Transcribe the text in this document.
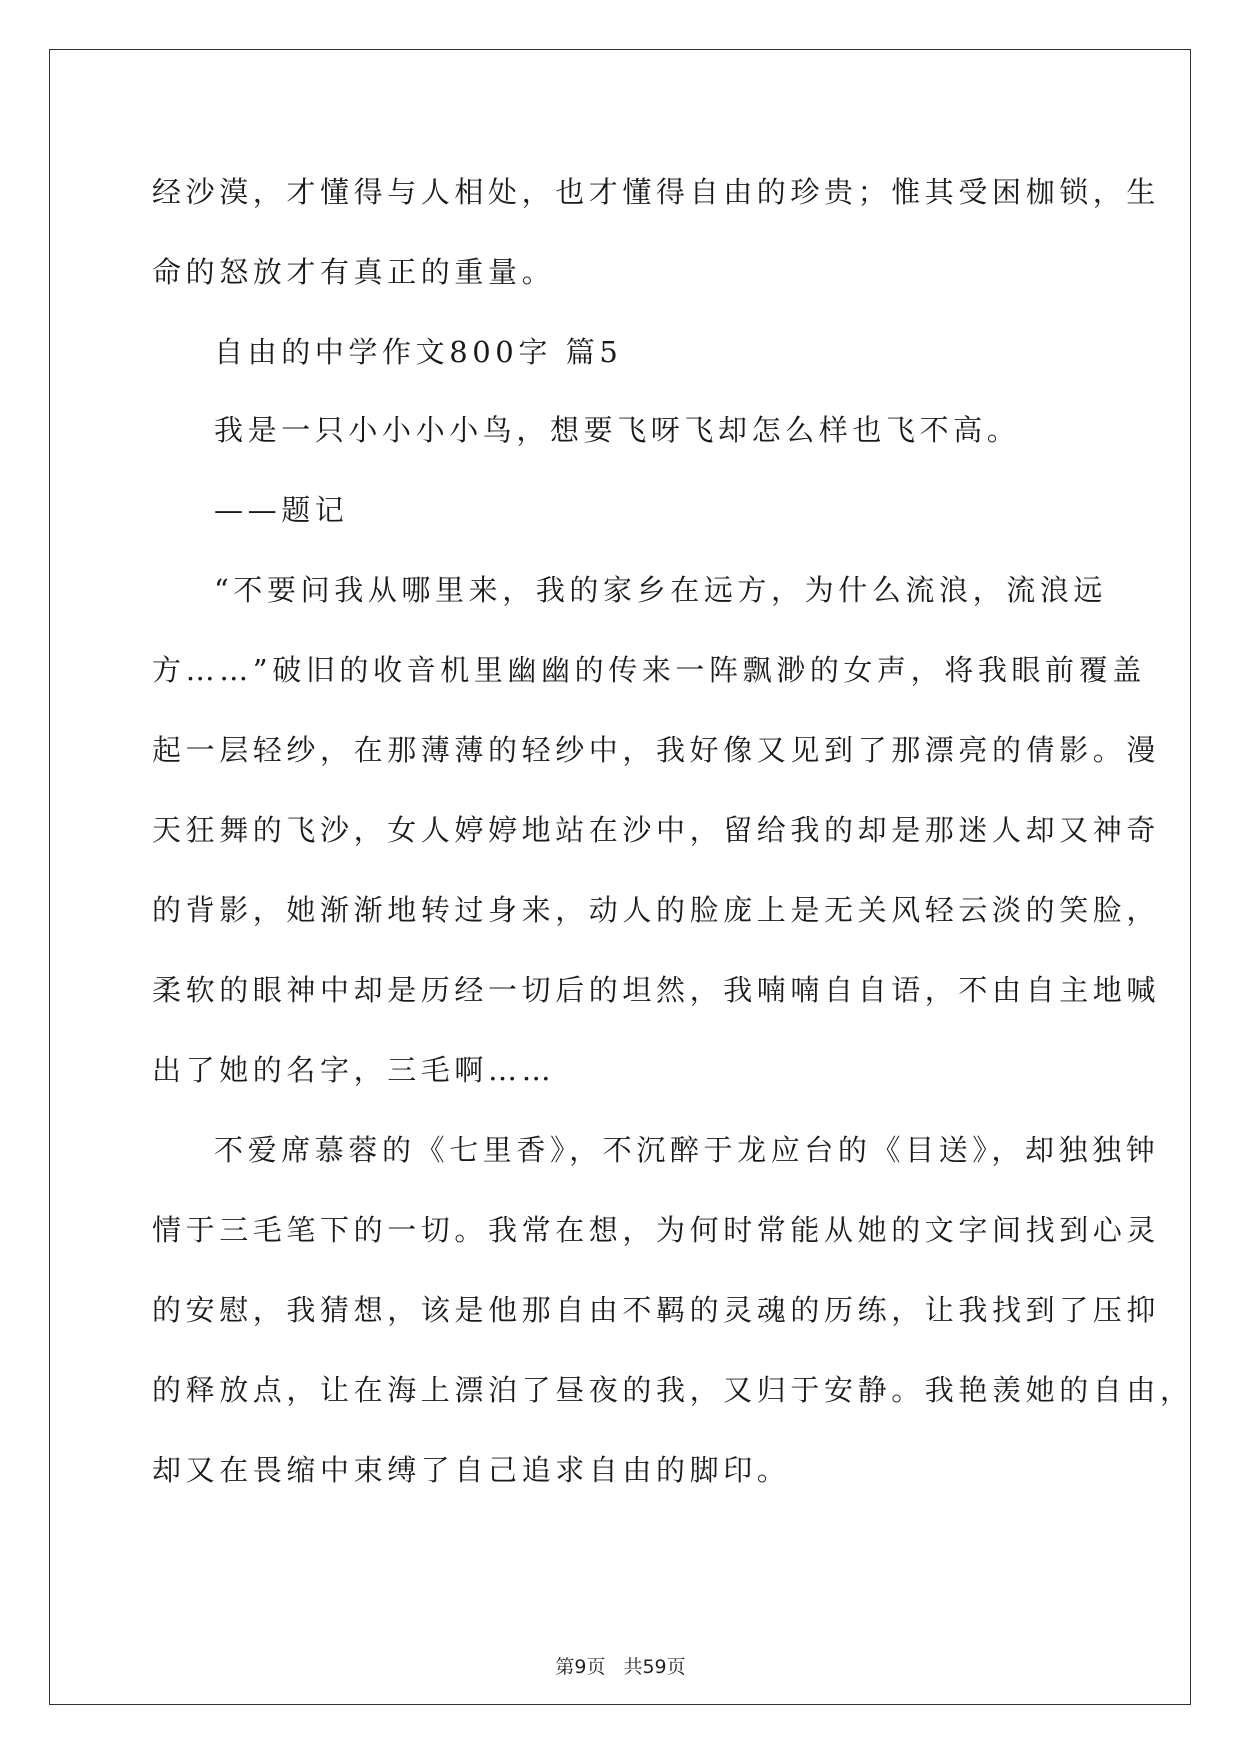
经沙漠，才懂得与人相处，也才懂得自由的珍贵；惟其受困枷锁，生
命的怒放才有真正的重量。
自由的中学作文800字 篇5
我是一只小小小小鸟，想要飞呀飞却怎么样也飞不高。
——题记
“不要问我从哪里来，我的家乡在远方，为什么流浪，流浪远
方……”破旧的收音机里幽幽的传来一阵飘渺的女声，将我眼前覆盖
起一层轻纱，在那薄薄的轻纱中，我好像又见到了那漂亮的倩影。漫
天狂舞的飞沙，女人婷婷地站在沙中，留给我的却是那迷人却又神奇
的背影，她渐渐地转过身来，动人的脸庞上是无关风轻云淡的笑脸，
柔软的眼神中却是历经一切后的坦然，我喃喃自自语，不由自主地喊
出了她的名字，三毛啊……
不爱席慕蓉的《七里香》，不沉醉于龙应台的《目送》，却独独钟
情于三毛笔下的一切。我常在想，为何时常能从她的文字间找到心灵
的安慰，我猜想，该是他那自由不羁的灵魂的历练，让我找到了压抑
的释放点，让在海上漂泊了昼夜的我，又归于安静。我艳羡她的自由，
却又在畏缩中束缚了自己追求自由的脚印。
第9页 共59页
